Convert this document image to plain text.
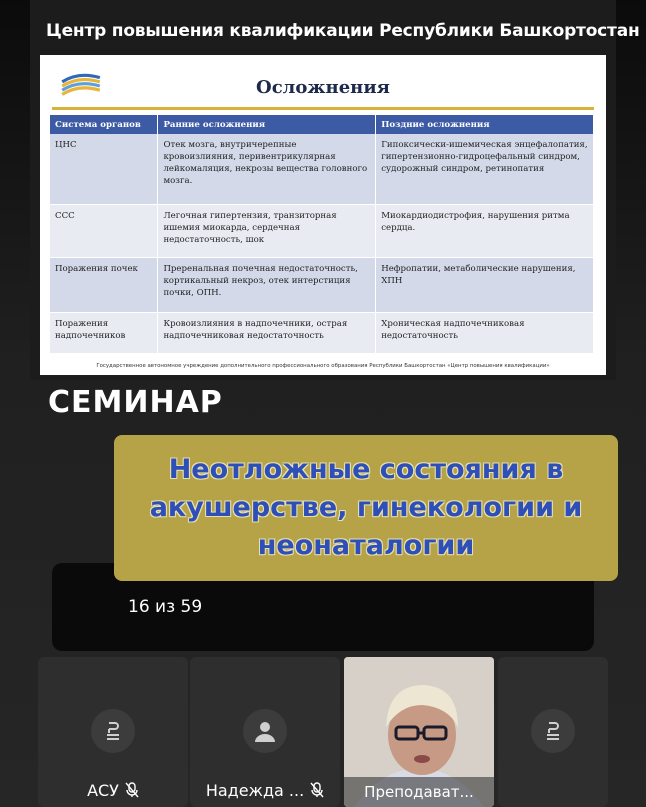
Центр повышения квалификации Республики Башкортостан
Осложнения
Система органов	Ранние осложнения	Поздние осложнения
ЦНС	Отек мозга, внутричерепные кровоизлияния, перивентрикулярная лейкомаляция, некрозы вещества головного мозга.	Гипоксически-ишемическая энцефалопатия, гипертензионно-гидроцефальный синдром, судорожный синдром, ретинопатия
ССС	Легочная гипертензия, транзиторная ишемия миокарда, сердечная недостаточность, шок	Миокардиодистрофия, нарушения ритма сердца.
Поражения почек	Преренальная почечная недостаточность, кортикальный некроз, отек интерстиция почки, ОПН.	Нефропатии, метаболические нарушения, ХПН
Поражения надпочечников	Кровоизлияния в надпочечники, острая надпочечниковая недостаточность	Хроническая надпочечниковая недостаточность
Государственное автономное учреждение дополнительного профессионального образования Республики Башкортостан «Центр повышения квалификации»
СЕМИНАР
16 из 59
Неотложные состояния в акушерстве, гинекологии и неонаталогии
АСУ	Надежда ...	Преподават...
